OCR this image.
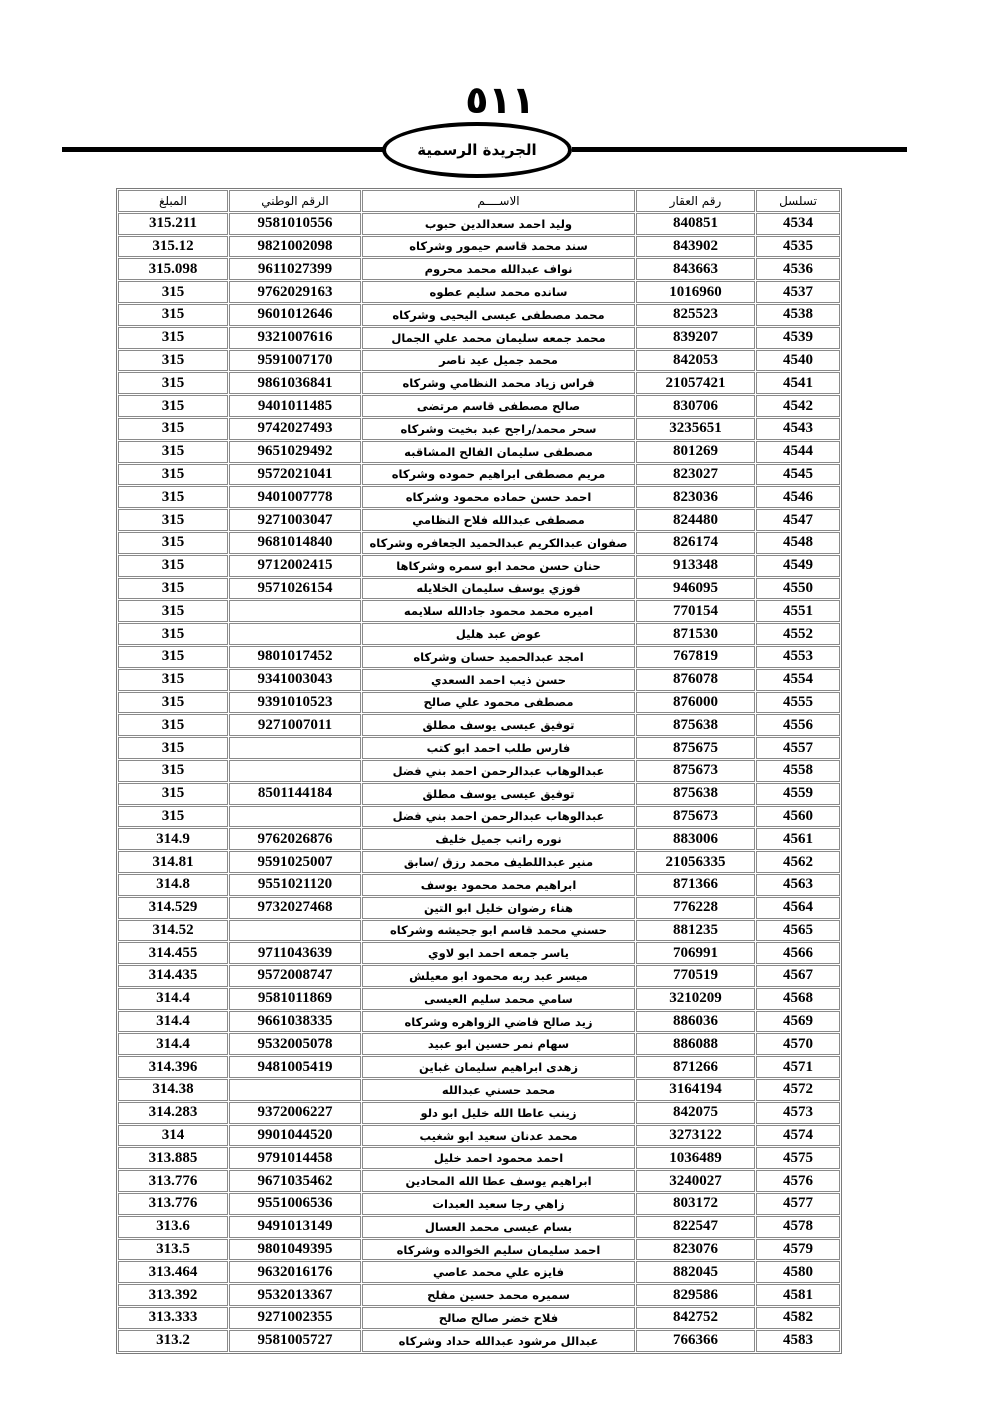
٥١١
الجريدة الرسمية
المبلغ	الرقم الوطني	الاســــم	رقم العقار	تسلسل
315.211	9581010556	وليد احمد سعدالدين حبوب	840851	4534
315.12	9821002098	سند محمد قاسم حيمور وشركاه	843902	4535
315.098	9611027399	نواف عبدالله محمد محروم	843663	4536
315	9762029163	سانده محمد سليم عطوه	1016960	4537
315	9601012646	محمد مصطفى عيسى اليحيى وشركاه	825523	4538
315	9321007616	محمد جمعه سليمان محمد علي الجمال	839207	4539
315	9591007170	محمد جميل عيد ناصر	842053	4540
315	9861036841	فراس زياد محمد النظامي وشركاه	21057421	4541
315	9401011485	صالح مصطفى قاسم مرتضى	830706	4542
315	9742027493	سحر محمد/راجح عبد بخيت وشركاه	3235651	4543
315	9651029492	مصطفى سليمان الفالح المشاقبه	801269	4544
315	9572021041	مريم مصطفى ابراهيم حموده وشركاه	823027	4545
315	9401007778	احمد حسن حماده محمود وشركاه	823036	4546
315	9271003047	مصطفى عبدالله فلاح النظامي	824480	4547
315	9681014840	صفوان عبدالكريم عبدالحميد الجعافره وشركاه	826174	4548
315	9712002415	حنان حسن محمد ابو سمره وشركاها	913348	4549
315	9571026154	فوزي يوسف سليمان الخلايله	946095	4550
315		اميره محمد محمود جادالله سلايمه	770154	4551
315		عوض عبد هليل	871530	4552
315	9801017452	امجد عبدالحميد حسان وشركاه	767819	4553
315	9341003043	حسن ذيب احمد السعدي	876078	4554
315	9391010523	مصطفى محمود علي صالح	876000	4555
315	9271007011	توفيق عيسى يوسف مطلق	875638	4556
315		فارس طلب احمد ابو كتب	875675	4557
315		عبدالوهاب عبدالرحمن احمد بني فضل	875673	4558
315	8501144184	توفيق عيسى يوسف مطلق	875638	4559
315		عبدالوهاب عبدالرحمن احمد بني فضل	875673	4560
314.9	9762026876	نوره راتب جميل خليف	883006	4561
314.81	9591025007	منير عبداللطيف محمد رزق /سابق	21056335	4562
314.8	9551021120	ابراهيم محمد محمود يوسف	871366	4563
314.529	9732027468	هناء رضوان خليل ابو التين	776228	4564
314.52		حسني محمد قاسم ابو جحيشه وشركاه	881235	4565
314.455	9711043639	ياسر جمعه احمد ابو لاوي	706991	4566
314.435	9572008747	ميسر عبد ربه محمود ابو معيلش	770519	4567
314.4	9581011869	سامي محمد سليم العيسى	3210209	4568
314.4	9661038335	زيد صالح فاضي الزواهره وشركاه	886036	4569
314.4	9532005078	سهام نمر حسين ابو عبيد	886088	4570
314.396	9481005419	زهدى ابراهيم سليمان غباين	871266	4571
314.38		محمد حسني عبدالله	3164194	4572
314.283	9372006227	زينب عاطا الله خليل ابو دلو	842075	4573
314	9901044520	محمد عدنان سعيد ابو شغيب	3273122	4574
313.885	9791014458	احمد محمود احمد خليل	1036489	4575
313.776	9671035462	ابراهيم يوسف عطا الله المحادين	3240027	4576
313.776	9551006536	زاهي رجا سعيد العبدات	803172	4577
313.6	9491013149	بسام عيسى محمد العسال	822547	4578
313.5	9801049395	احمد سليمان سليم الخوالده وشركاه	823076	4579
313.464	9632016176	فايزه علي محمد عاصي	882045	4580
313.392	9532013367	سميره محمد حسين مفلح	829586	4581
313.333	9271002355	فلاح خضر صالح صالح	842752	4582
313.2	9581005727	عبدالل مرشود عبدالله حداد وشركاه	766366	4583
